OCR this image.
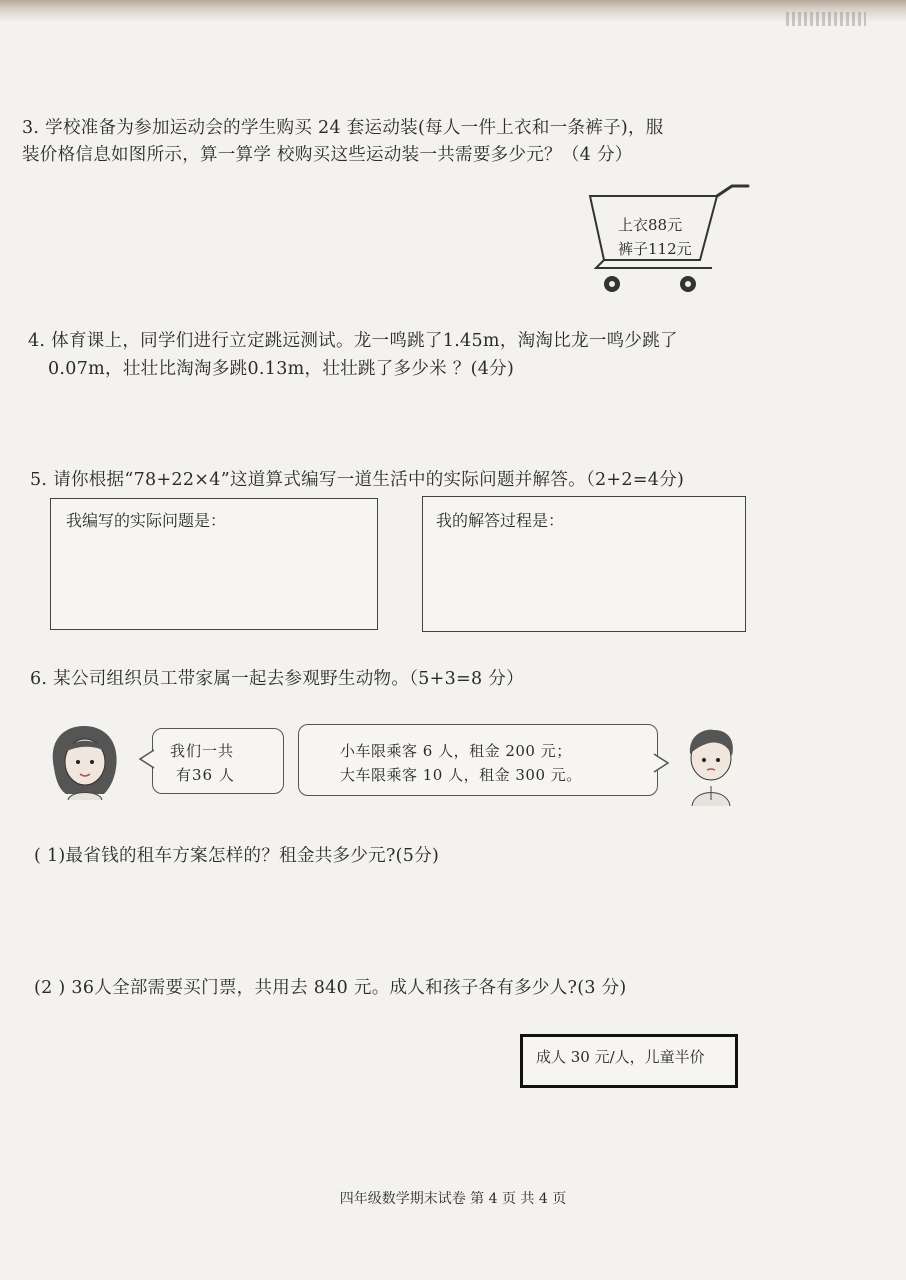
3. 学校准备为参加运动会的学生购买 24 套运动装(每人一件上衣和一条裤子)，服
装价格信息如图所示，算一算学 校购买这些运动装一共需要多少元？（4 分）
上衣88元
裤子112元
4. 体育课上，同学们进行立定跳远测试。龙一鸣跳了1.45m，淘淘比龙一鸣少跳了
0.07m，壮壮比淘淘多跳0.13m，壮壮跳了多少米 ？(4分)
5. 请你根据“78+22×4”这道算式编写一道生活中的实际问题并解答。（2+2=4分)
我编写的实际问题是：	我的解答过程是：
6. 某公司组织员工带家属一起去参观野生动物。（5+3=8 分）
我们一共
有36 人
小车限乘客 6 人，租金 200 元；
大车限乘客 10 人，租金 300 元。
( 1)最省钱的租车方案怎样的？租金共多少元?(5分)
(2 ) 36人全部需要买门票，共用去 840 元。成人和孩子各有多少人?(3 分)
成人 30 元/人，儿童半价
四年级数学期末试卷 第 4 页 共 4 页
